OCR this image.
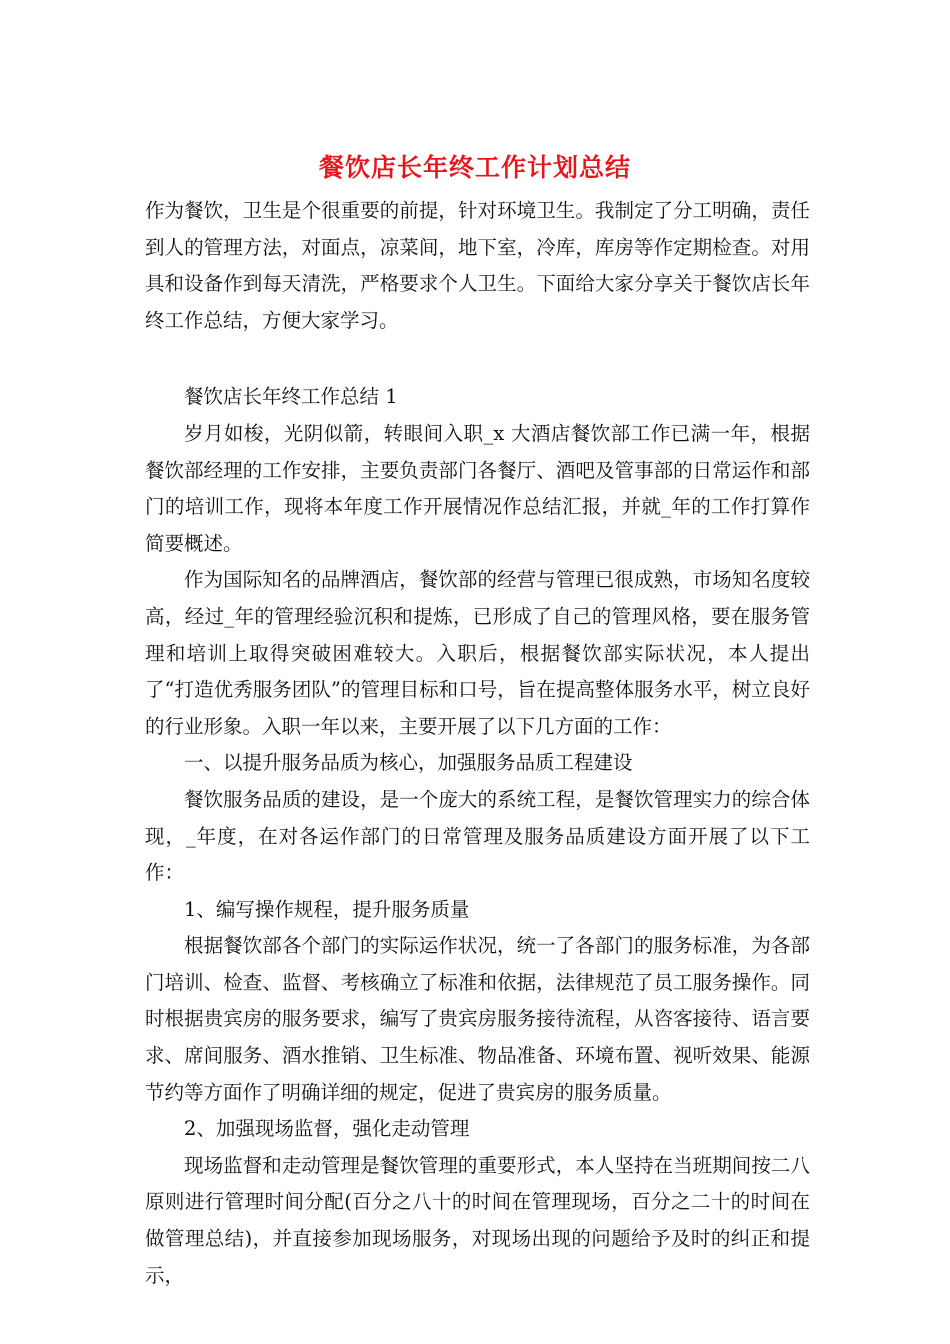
餐饮店长年终工作计划总结

作为餐饮，卫生是个很重要的前提，针对环境卫生。我制定了分工明确，责任到人的管理方法，对面点，凉菜间，地下室，冷库，库房等作定期检查。对用具和设备作到每天清洗，严格要求个人卫生。下面给大家分享关于餐饮店长年终工作总结，方便大家学习。

餐饮店长年终工作总结 1

岁月如梭，光阴似箭，转眼间入职_x 大酒店餐饮部工作已满一年，根据餐饮部经理的工作安排，主要负责部门各餐厅、酒吧及管事部的日常运作和部门的培训工作，现将本年度工作开展情况作总结汇报，并就_年的工作打算作简要概述。

作为国际知名的品牌酒店，餐饮部的经营与管理已很成熟，市场知名度较高，经过_年的管理经验沉积和提炼，已形成了自己的管理风格，要在服务管理和培训上取得突破困难较大。入职后，根据餐饮部实际状况，本人提出了“打造优秀服务团队”的管理目标和口号，旨在提高整体服务水平，树立良好的行业形象。入职一年以来，主要开展了以下几方面的工作：

一、以提升服务品质为核心，加强服务品质工程建设

餐饮服务品质的建设，是一个庞大的系统工程，是餐饮管理实力的综合体现，_年度，在对各运作部门的日常管理及服务品质建设方面开展了以下工作：

1、编写操作规程，提升服务质量

根据餐饮部各个部门的实际运作状况，统一了各部门的服务标准，为各部门培训、检查、监督、考核确立了标准和依据，法律规范了员工服务操作。同时根据贵宾房的服务要求，编写了贵宾房服务接待流程，从咨客接待、语言要求、席间服务、酒水推销、卫生标准、物品准备、环境布置、视听效果、能源节约等方面作了明确详细的规定，促进了贵宾房的服务质量。

2、加强现场监督，强化走动管理

现场监督和走动管理是餐饮管理的重要形式，本人坚持在当班期间按二八原则进行管理时间分配(百分之八十的时间在管理现场，百分之二十的时间在做管理总结)，并直接参加现场服务，对现场出现的问题给予及时的纠正和提示，
